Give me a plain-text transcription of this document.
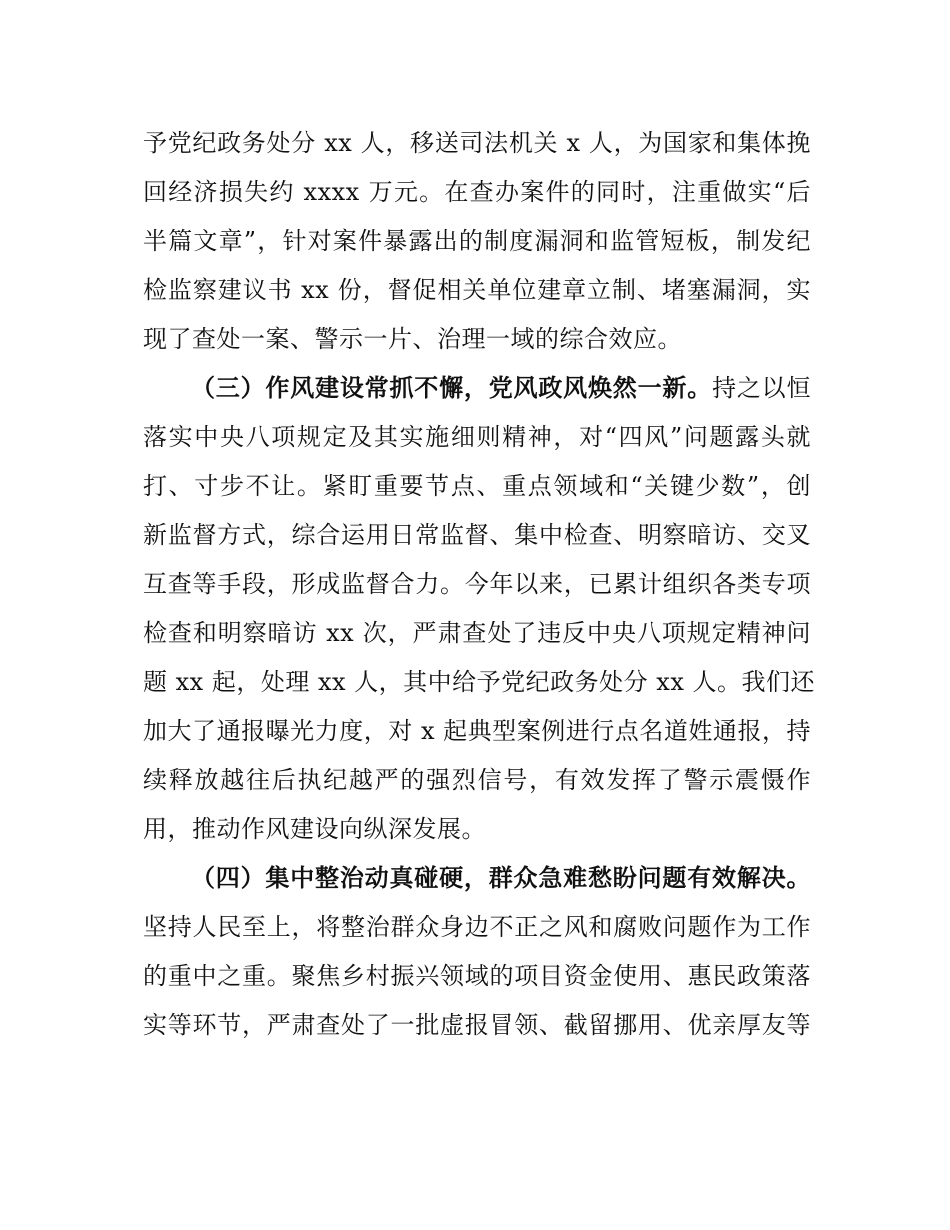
予党纪政务处分 xx 人，移送司法机关 x 人，为国家和集体挽
回经济损失约 xxxx 万元。在查办案件的同时，注重做实“后
半篇文章”，针对案件暴露出的制度漏洞和监管短板，制发纪
检监察建议书 xx 份，督促相关单位建章立制、堵塞漏洞，实
现了查处一案、警示一片、治理一域的综合效应。
（三）作风建设常抓不懈，党风政风焕然一新。持之以恒
落实中央八项规定及其实施细则精神，对“四风”问题露头就
打、寸步不让。紧盯重要节点、重点领域和“关键少数”，创
新监督方式，综合运用日常监督、集中检查、明察暗访、交叉
互查等手段，形成监督合力。今年以来，已累计组织各类专项
检查和明察暗访 xx 次，严肃查处了违反中央八项规定精神问
题 xx 起，处理 xx 人，其中给予党纪政务处分 xx 人。我们还
加大了通报曝光力度，对 x 起典型案例进行点名道姓通报，持
续释放越往后执纪越严的强烈信号，有效发挥了警示震慑作
用，推动作风建设向纵深发展。
（四）集中整治动真碰硬，群众急难愁盼问题有效解决。
坚持人民至上，将整治群众身边不正之风和腐败问题作为工作
的重中之重。聚焦乡村振兴领域的项目资金使用、惠民政策落
实等环节，严肃查处了一批虚报冒领、截留挪用、优亲厚友等
